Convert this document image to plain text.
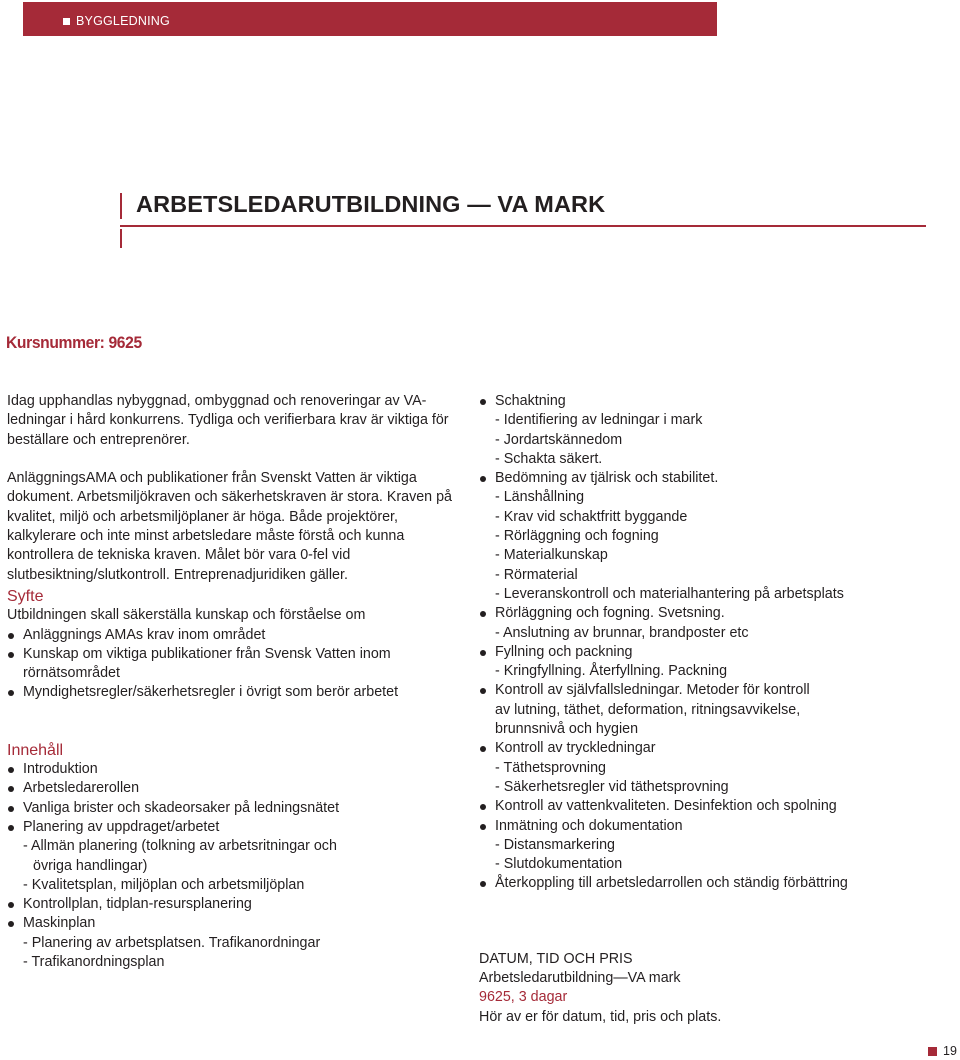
BYGGLEDNING
ARBETSLEDARUTBILDNING — VA MARK
Kursnummer: 9625

Idag upphandlas nybyggnad, ombyggnad och renoveringar av VA-ledningar i hård konkurrens. Tydliga och verifierbara krav är viktiga för beställare och entreprenörer.

AnläggningsAMA och publikationer från Svenskt Vatten är viktiga dokument. Arbetsmiljökraven och säkerhetskraven är stora. Kraven på kvalitet, miljö och arbetsmiljöplaner är höga. Både projektörer, kalkylerare och inte minst arbetsledare måste förstå och kunna kontrollera de tekniska kraven. Målet bör vara 0-fel vid slutbesiktning/slutkontroll. Entreprenadjuridiken gäller.

Syfte

Utbildningen skall säkerställa kunskap och förståelse om

Anläggnings AMAs krav inom området
Kunskap om viktiga publikationer från Svensk Vatten inom rörnätsområdet
Myndighetsregler/säkerhetsregler i övrigt som berör arbetet
Innehåll
Introduktion
Arbetsledarerollen
Vanliga brister och skadeorsaker på ledningsnätet
Planering av uppdraget/arbetet
- Allmän planering (tolkning av arbetsritningar och
övriga handlingar)
- Kvalitetsplan, miljöplan och arbetsmiljöplan
Kontrollplan, tidplan-resursplanering
Maskinplan
- Planering av arbetsplatsen. Trafikanordningar
- Trafikanordningsplan
Schaktning
- Identifiering av ledningar i mark
- Jordartskännedom
- Schakta säkert.
Bedömning av tjälrisk och stabilitet.
- Länshållning
- Krav vid schaktfritt byggande
- Rörläggning och fogning
- Materialkunskap
- Rörmaterial
- Leveranskontroll och materialhantering på arbetsplats
Rörläggning och fogning. Svetsning.
- Anslutning av brunnar, brandposter etc
Fyllning och packning
- Kringfyllning. Återfyllning. Packning
Kontroll av självfallsledningar. Metoder för kontroll
av lutning, täthet, deformation, ritningsavvikelse,
brunnsnivå och hygien
Kontroll av tryckledningar
- Täthetsprovning
- Säkerhetsregler vid täthetsprovning
Kontroll av vattenkvaliteten. Desinfektion och spolning
Inmätning och dokumentation
- Distansmarkering
- Slutdokumentation
Återkoppling till arbetsledarrollen och ständig förbättring
DATUM, TID OCH PRIS
Arbetsledarutbildning—VA mark
9625, 3 dagar
Hör av er för datum, tid, pris och plats.
19
